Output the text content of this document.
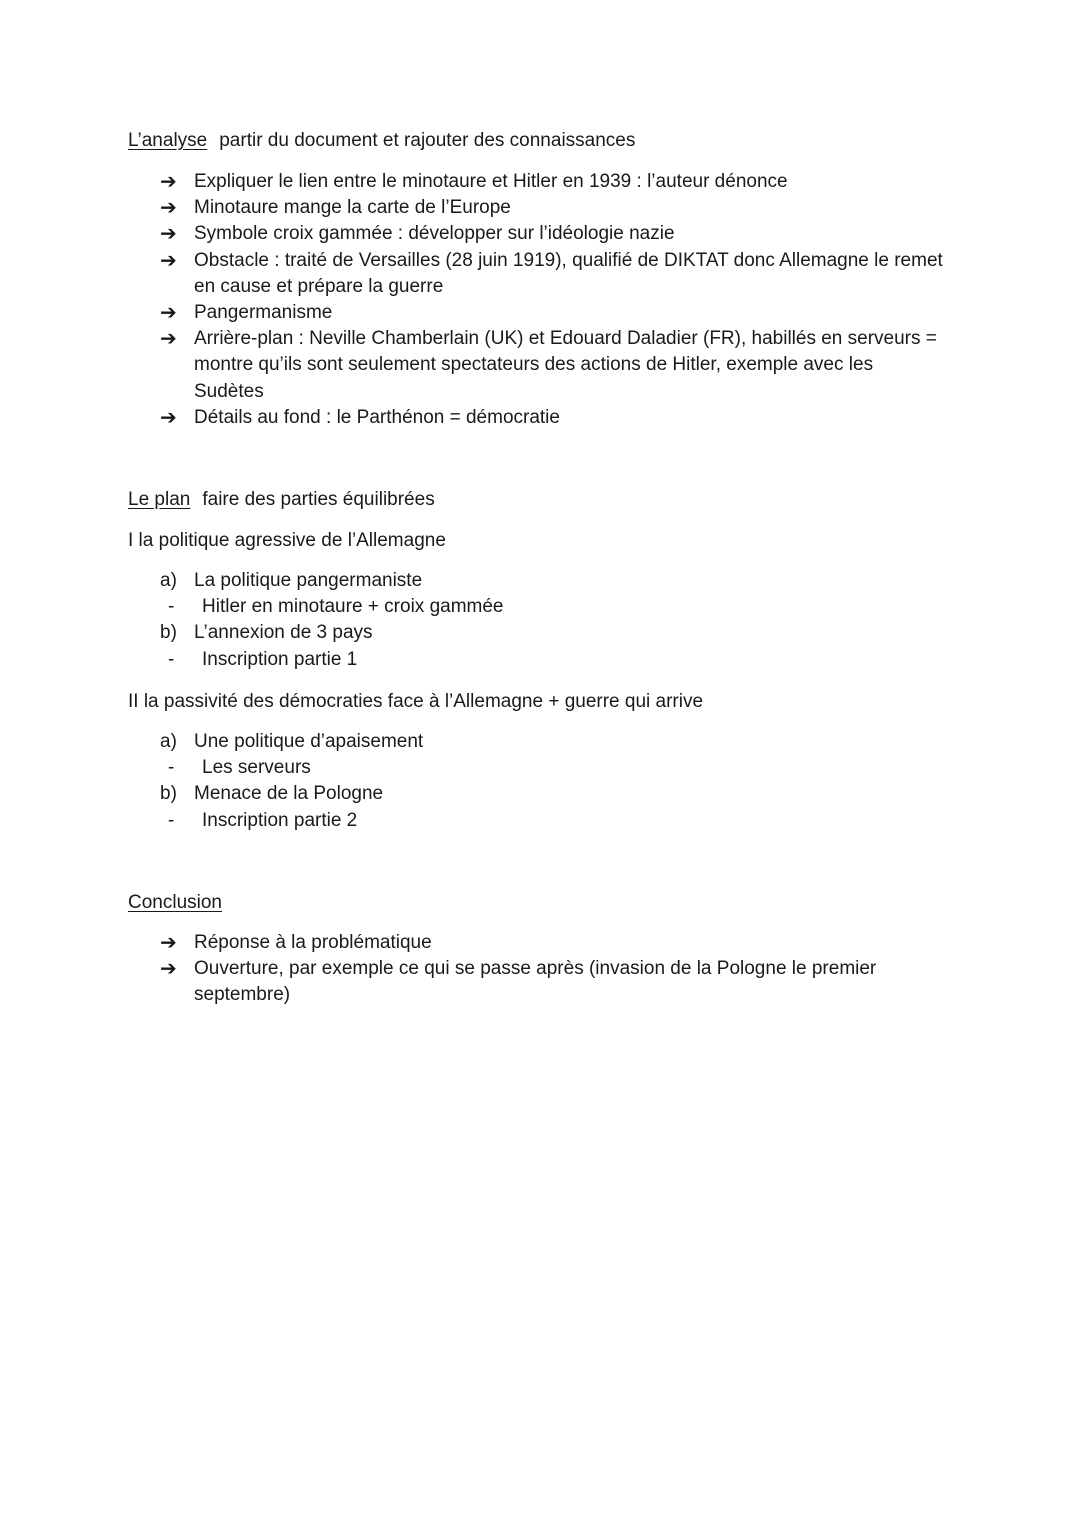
L’analyse partir du document et rajouter des connaissances
➔ Expliquer le lien entre le minotaure et Hitler en 1939 : l’auteur dénonce
➔ Minotaure mange la carte de l’Europe
➔ Symbole croix gammée : développer sur l’idéologie nazie
➔ Obstacle : traité de Versailles (28 juin 1919), qualifié de DIKTAT donc Allemagne le remet en cause et prépare la guerre
➔ Pangermanisme
➔ Arrière-plan : Neville Chamberlain (UK) et Edouard Daladier (FR), habillés en serveurs = montre qu’ils sont seulement spectateurs des actions de Hitler, exemple avec les Sudètes
➔ Détails au fond : le Parthénon = démocratie
Le plan faire des parties équilibrées
I la politique agressive de l’Allemagne
a) La politique pangermaniste
- Hitler en minotaure + croix gammée
b) L’annexion de 3 pays
- Inscription partie 1
II la passivité des démocraties face à l’Allemagne + guerre qui arrive
a) Une politique d’apaisement
- Les serveurs
b) Menace de la Pologne
- Inscription partie 2
Conclusion
➔ Réponse à la problématique
➔ Ouverture, par exemple ce qui se passe après (invasion de la Pologne le premier septembre)
